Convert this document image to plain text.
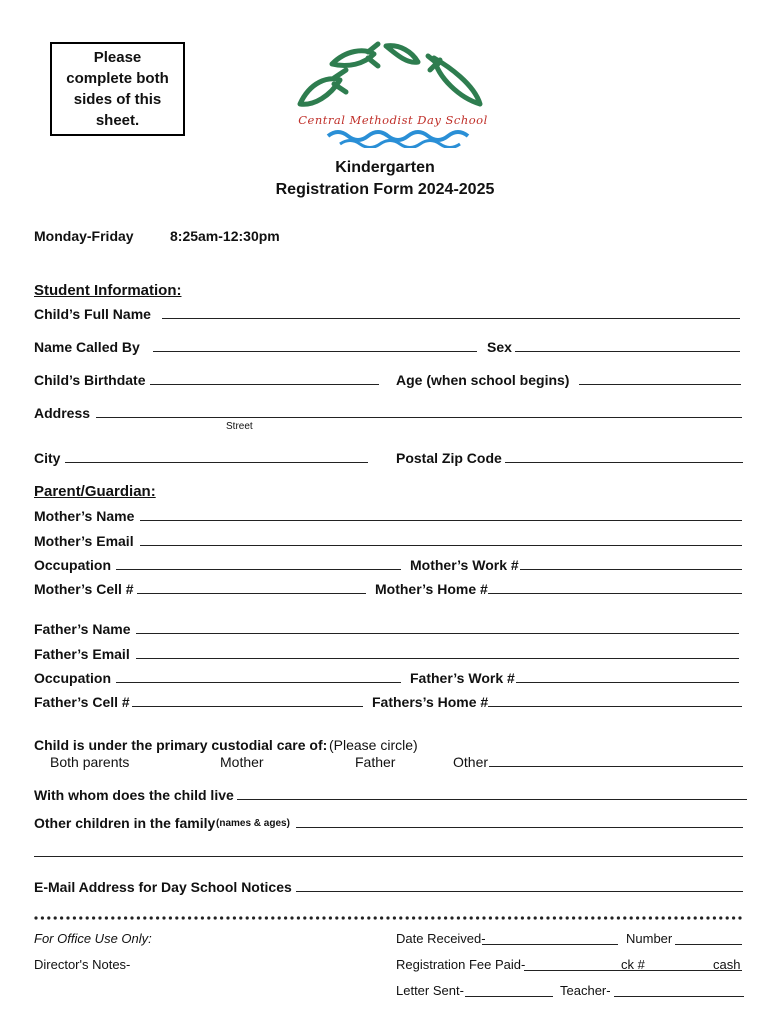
Please complete both sides of this sheet.	Central Methodist Day School
Kindergarten
Registration Form 2024-2025
Monday-Friday	8:25am-12:30pm
Student Information:
Child’s Full Name
Name Called By	Sex
Child’s Birthdate	Age (when school begins)
Address
Street
City	Postal Zip Code
Parent/Guardian:
Mother’s Name
Mother’s Email
Occupation	Mother’s Work #
Mother’s Cell #	Mother’s Home #
Father’s Name
Father’s Email
Occupation	Father’s Work #
Father’s Cell #	Fathers’s Home #
Child is under the primary custodial care of: (Please circle)
Both parents	Mother	Father	Other
With whom does the child live
Other children in the family (names & ages)
E-Mail Address for Day School Notices
For Office Use Only:	Date Received-	Number
Director's Notes-	Registration Fee Paid-	ck #	cash
Letter Sent-	Teacher-
